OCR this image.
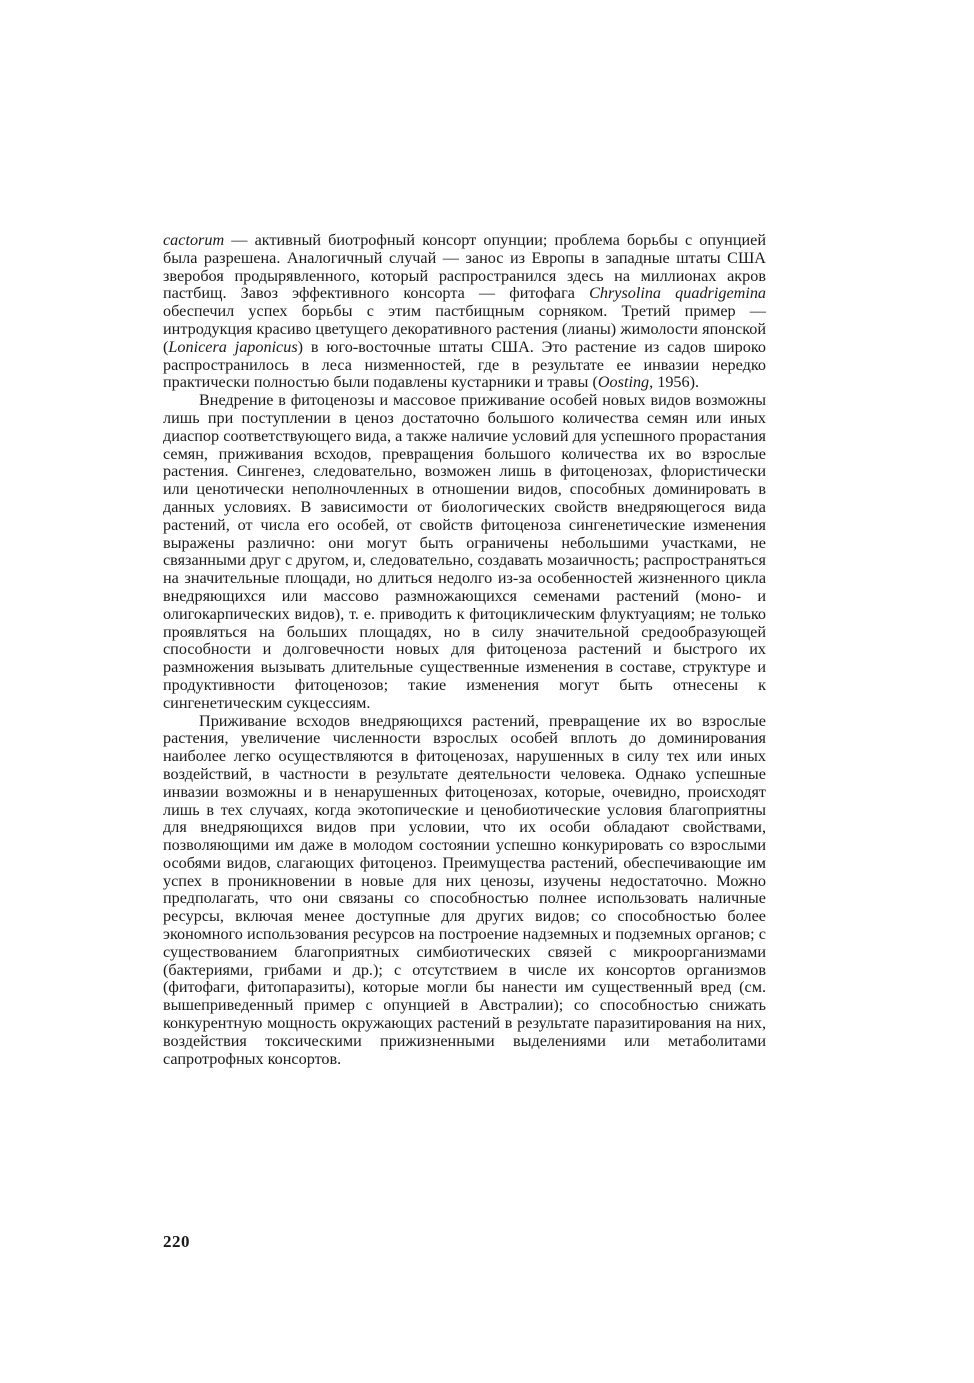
cactorum — активный биотрофный консорт опунции; проблема борьбы с опунцией была разрешена. Аналогичный случай — занос из Европы в западные штаты США зверобоя продырявленного, который распространился здесь на миллионах акров пастбищ. Завоз эффективного консорта — фитофага Chrysolina quadrigemina обеспечил успех борьбы с этим пастбищным сорняком. Третий пример — интродукция красиво цветущего декоративного растения (лианы) жимолости японской (Lonicera japonicus) в юго-восточные штаты США. Это растение из садов широко распространилось в леса низменностей, где в результате ее инвазии нередко практически полностью были подавлены кустарники и травы (Oosting, 1956).

Внедрение в фитоценозы и массовое приживание особей новых видов возможны лишь при поступлении в ценоз достаточно большого количества семян или иных диаспор соответствующего вида, а также наличие условий для успешного прорастания семян, приживания всходов, превращения большого количества их во взрослые растения. Сингенез, следовательно, возможен лишь в фитоценозах, флористически или ценотически неполночленных в отношении видов, способных доминировать в данных условиях. В зависимости от биологических свойств внедряющегося вида растений, от числа его особей, от свойств фитоценоза сингенетические изменения выражены различно: они могут быть ограничены небольшими участками, не связанными друг с другом, и, следовательно, создавать мозаичность; распространяться на значительные площади, но длиться недолго из-за особенностей жизненного цикла внедряющихся или массово размножающихся семенами растений (моно- и олигокарпических видов), т. е. приводить к фитоциклическим флуктуациям; не только проявляться на больших площадях, но в силу значительной средообразующей способности и долговечности новых для фитоценоза растений и быстрого их размножения вызывать длительные существенные изменения в составе, структуре и продуктивности фитоценозов; такие изменения могут быть отнесены к сингенетическим сукцессиям.

Приживание всходов внедряющихся растений, превращение их во взрослые растения, увеличение численности взрослых особей вплоть до доминирования наиболее легко осуществляются в фитоценозах, нарушенных в силу тех или иных воздействий, в частности в результате деятельности человека. Однако успешные инвазии возможны и в ненарушенных фитоценозах, которые, очевидно, происходят лишь в тех случаях, когда экотопические и ценобиотические условия благоприятны для внедряющихся видов при условии, что их особи обладают свойствами, позволяющими им даже в молодом состоянии успешно конкурировать со взрослыми особями видов, слагающих фитоценоз. Преимущества растений, обеспечивающие им успех в проникновении в новые для них ценозы, изучены недостаточно. Можно предполагать, что они связаны со способностью полнее использовать наличные ресурсы, включая менее доступные для других видов; со способностью более экономного использования ресурсов на построение надземных и подземных органов; с существованием благоприятных симбиотических связей с микроорганизмами (бактериями, грибами и др.); с отсутствием в числе их консортов организмов (фитофаги, фитопаразиты), которые могли бы нанести им существенный вред (см. вышеприведенный пример с опунцией в Австралии); со способностью снижать конкурентную мощность окружающих растений в результате паразитирования на них, воздействия токсическими прижизненными выделениями или метаболитами сапротрофных консортов.

220
